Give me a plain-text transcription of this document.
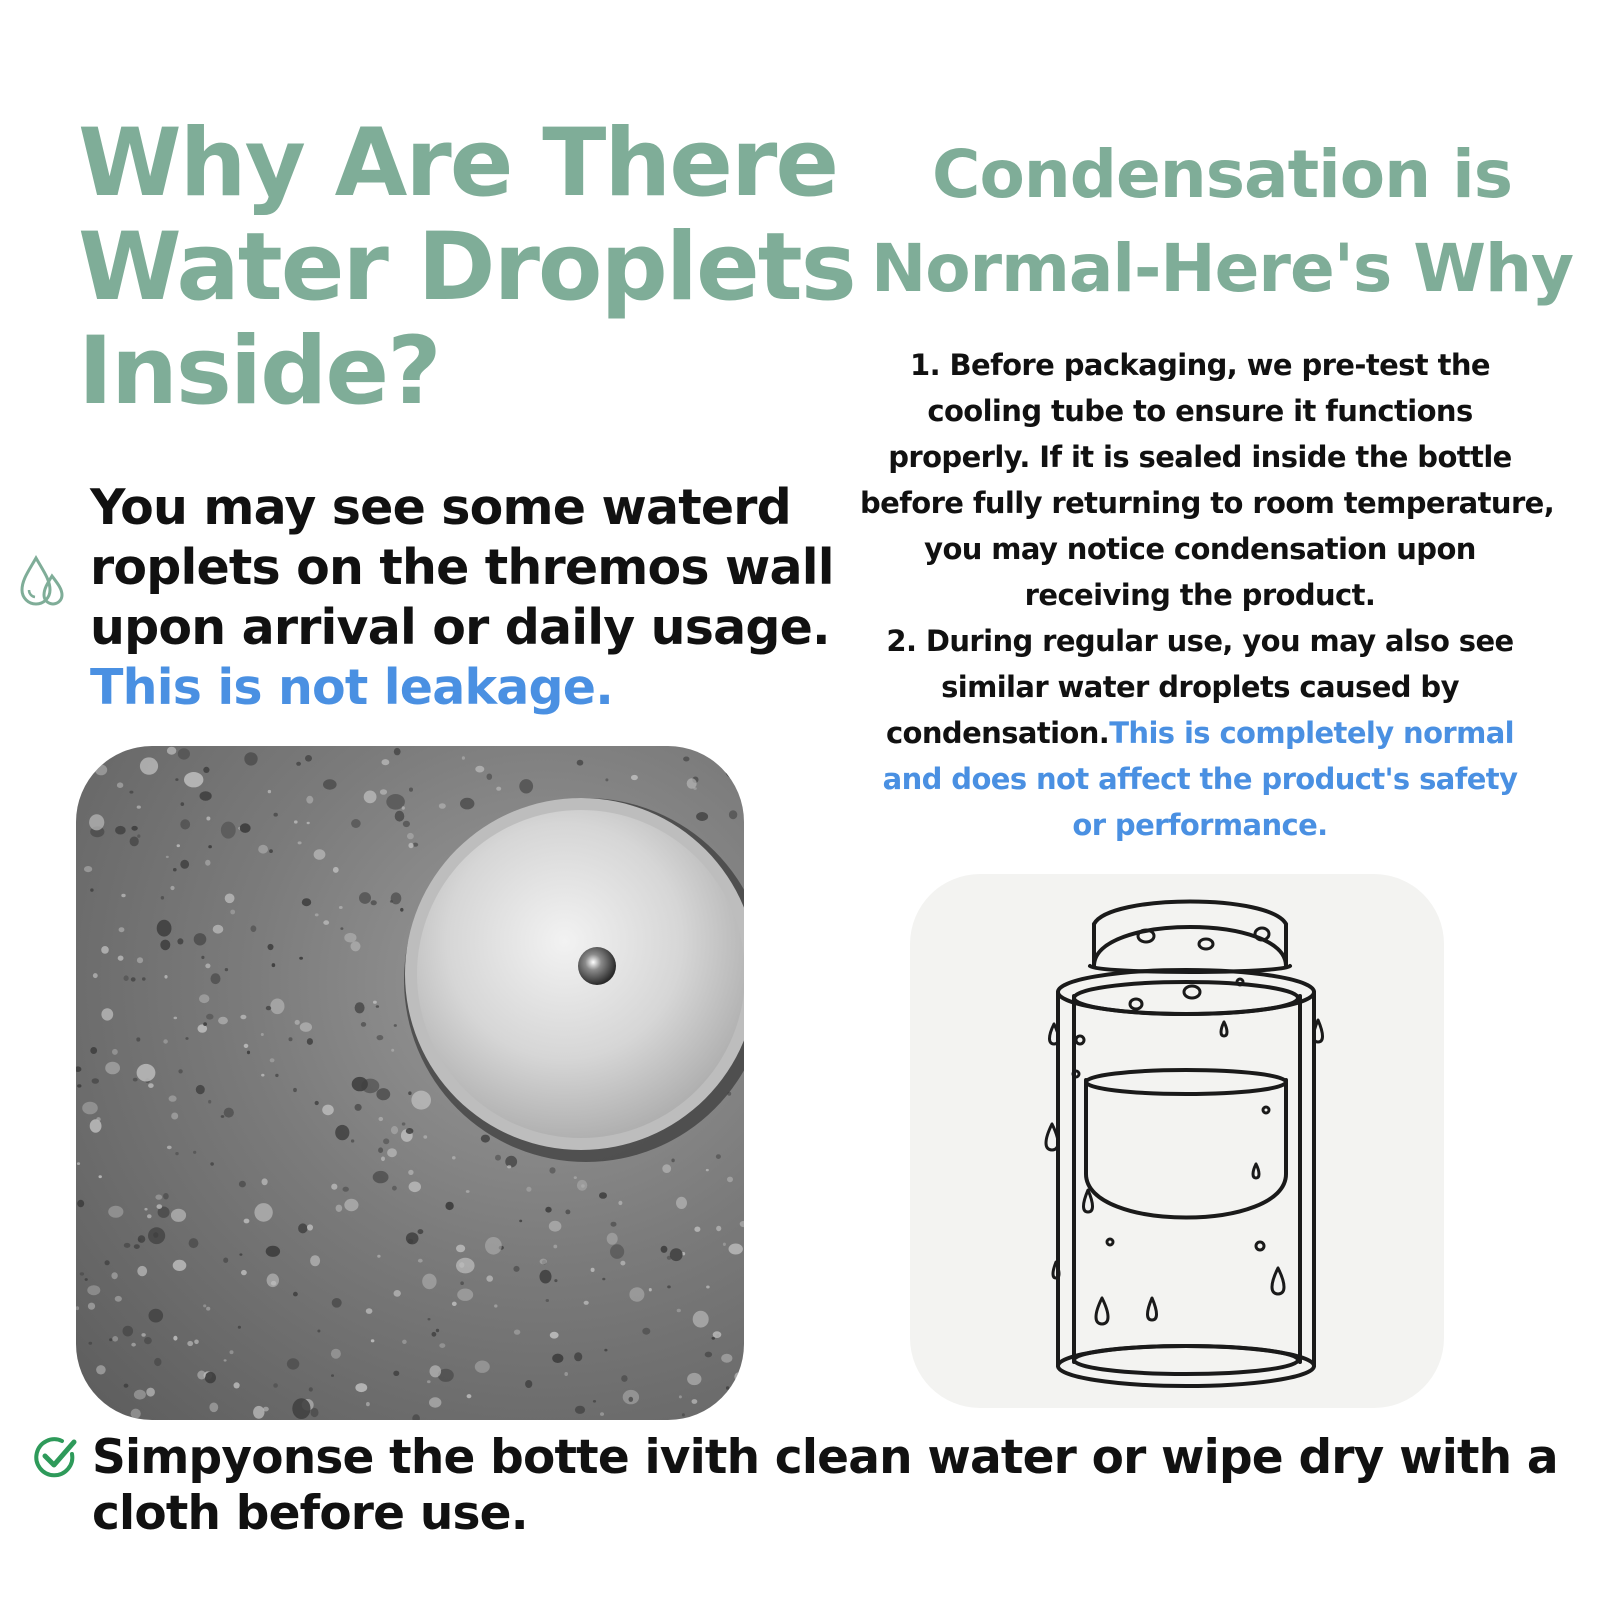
Why Are There
Water Droplets
Inside?
Condensation is
Normal-Here's Why
You may see some waterd
roplets on the thremos wall
upon arrival or daily usage.
This is not leakage.
1. Before packaging, we pre-test the
cooling tube to ensure it functions
properly. If it is sealed inside the bottle
before fully returning to room temperature,
you may notice condensation upon
receiving the product.
2. During regular use, you may also see
similar water droplets caused by
condensation.This is completely normal
and does not affect the product's safety
or performance.
Simpyonse the botte ivith clean water or wipe dry with a
cloth before use.
